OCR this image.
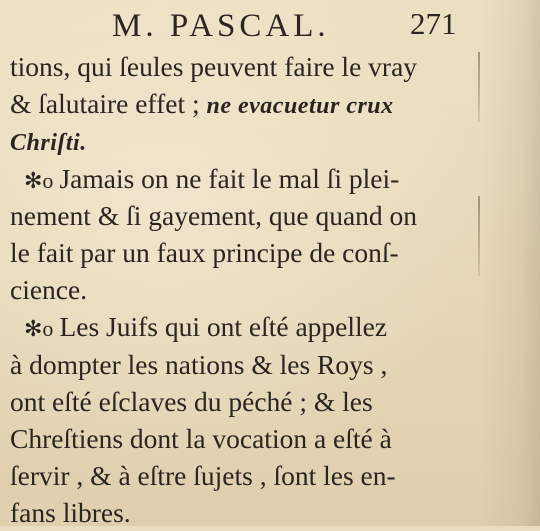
M. PASCAL.	271
tions, qui ſeules peuvent faire le vray
& ſalutaire effet ; ne evacuetur crux
Chriſti.
✻o Jamais on ne fait le mal ſi plei-
nement & ſi gayement, que quand on
le fait par un faux principe de conſ-
cience.
✻o Les Juifs qui ont eſté appellez
à dompter les nations & les Roys ,
ont eſté eſclaves du péché ; & les
Chreſtiens dont la vocation a eſté à
ſervir , & à eſtre ſujets , ſont les en-
fans libres.
